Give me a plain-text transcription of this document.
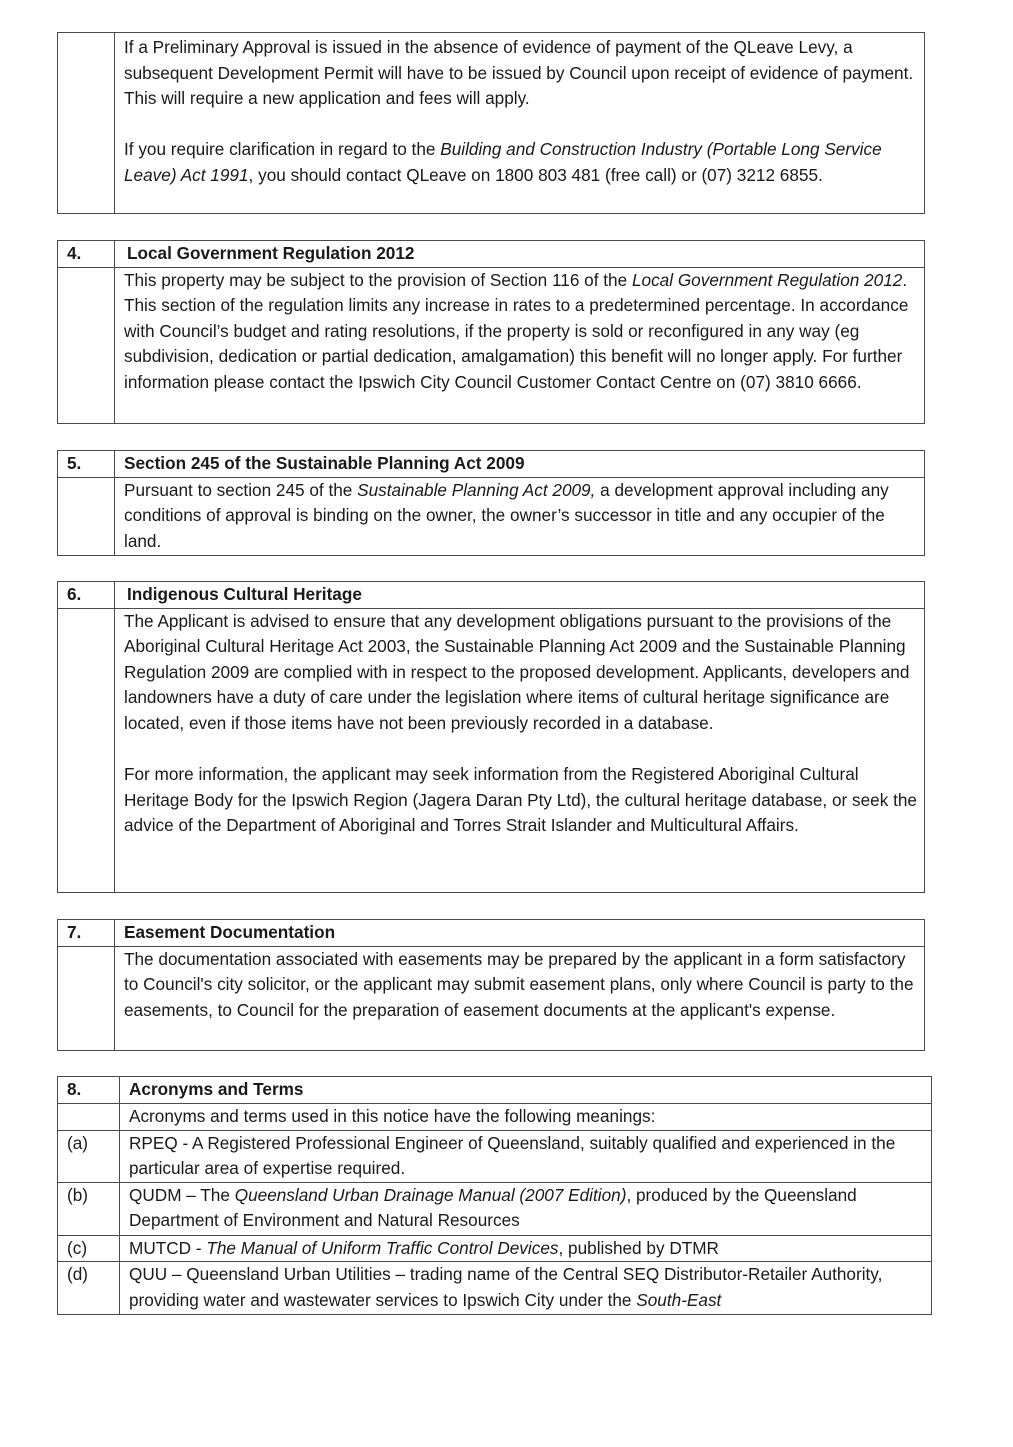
If a Preliminary Approval is issued in the absence of evidence of payment of the QLeave Levy, a subsequent Development Permit will have to be issued by Council upon receipt of evidence of payment. This will require a new application and fees will apply.

If you require clarification in regard to the Building and Construction Industry (Portable Long Service Leave) Act 1991, you should contact QLeave on 1800 803 481 (free call) or (07) 3212 6855.

4.	Local Government Regulation 2012

	This property may be subject to the provision of Section 116 of the Local Government Regulation 2012. This section of the regulation limits any increase in rates to a predetermined percentage. In accordance with Council’s budget and rating resolutions, if the property is sold or reconfigured in any way (eg subdivision, dedication or partial dedication, amalgamation) this benefit will no longer apply. For further information please contact the Ipswich City Council Customer Contact Centre on (07) 3810 6666.

5.	Section 245 of the Sustainable Planning Act 2009

	Pursuant to section 245 of the Sustainable Planning Act 2009, a development approval including any conditions of approval is binding on the owner, the owner’s successor in title and any occupier of the land.

6.	Indigenous Cultural Heritage

	The Applicant is advised to ensure that any development obligations pursuant to the provisions of the Aboriginal Cultural Heritage Act 2003, the Sustainable Planning Act 2009 and the Sustainable Planning Regulation 2009 are complied with in respect to the proposed development. Applicants, developers and landowners have a duty of care under the legislation where items of cultural heritage significance are located, even if those items have not been previously recorded in a database.

For more information, the applicant may seek information from the Registered Aboriginal Cultural Heritage Body for the Ipswich Region (Jagera Daran Pty Ltd), the cultural heritage database, or seek the advice of the Department of Aboriginal and Torres Strait Islander and Multicultural Affairs.

7.	Easement Documentation

	The documentation associated with easements may be prepared by the applicant in a form satisfactory to Council's city solicitor, or the applicant may submit easement plans, only where Council is party to the easements, to Council for the preparation of easement documents at the applicant's expense.

8.	Acronyms and Terms
	Acronyms and terms used in this notice have the following meanings:
(a)	RPEQ - A Registered Professional Engineer of Queensland, suitably qualified and experienced in the particular area of expertise required.
(b)	QUDM – The Queensland Urban Drainage Manual (2007 Edition), produced by the Queensland Department of Environment and Natural Resources
(c)	MUTCD - The Manual of Uniform Traffic Control Devices, published by DTMR
(d)	QUU – Queensland Urban Utilities – trading name of the Central SEQ Distributor-Retailer Authority, providing water and wastewater services to Ipswich City under the South-East
